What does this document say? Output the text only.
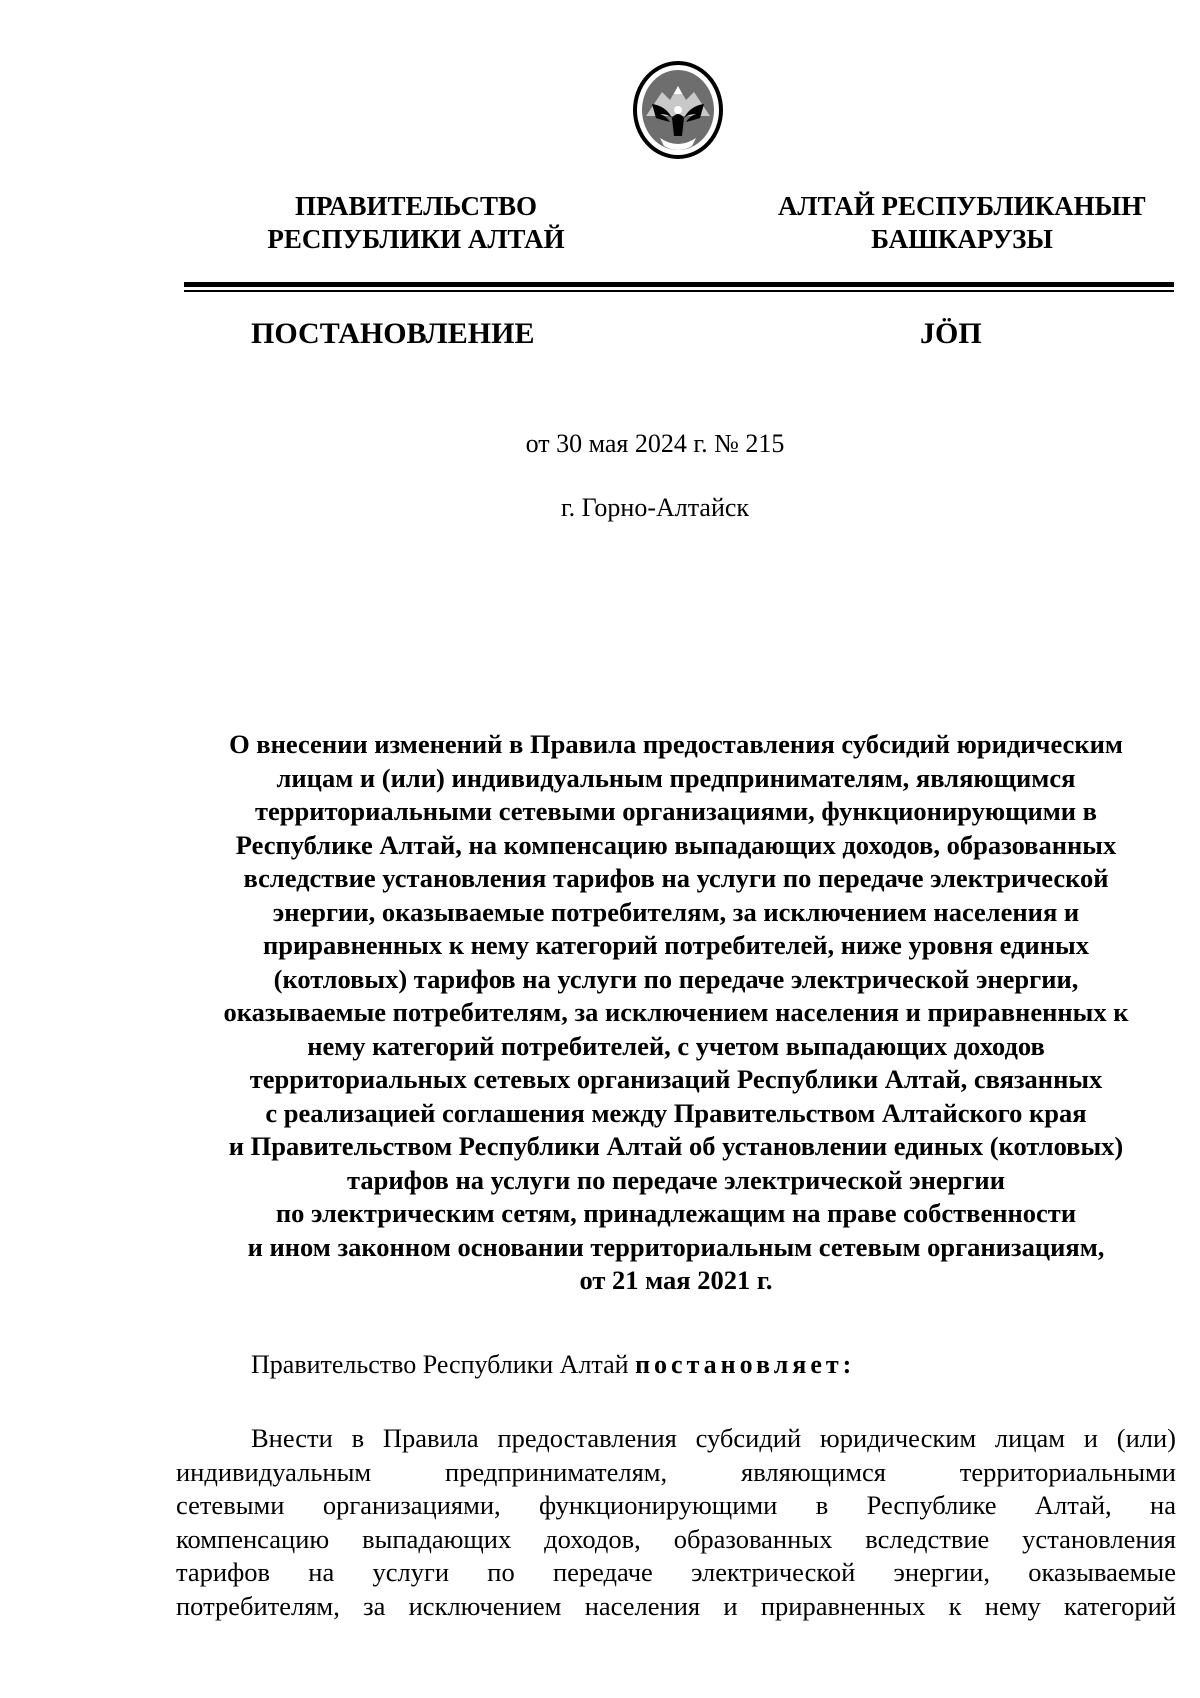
ПРАВИТЕЛЬСТВО
РЕСПУБЛИКИ АЛТАЙ
АЛТАЙ РЕСПУБЛИКАНЫҤ
БАШКАРУЗЫ
ПОСТАНОВЛЕНИЕ	JÖП
от 30 мая 2024 г. № 215
г. Горно-Алтайск
О внесении изменений в Правила предоставления субсидий юридическим
лицам и (или) индивидуальным предпринимателям, являющимся
территориальными сетевыми организациями, функционирующими в
Республике Алтай, на компенсацию выпадающих доходов, образованных
вследствие установления тарифов на услуги по передаче электрической
энергии, оказываемые потребителям, за исключением населения и
приравненных к нему категорий потребителей, ниже уровня единых
(котловых) тарифов на услуги по передаче электрической энергии,
оказываемые потребителям, за исключением населения и приравненных к
нему категорий потребителей, с учетом выпадающих доходов
территориальных сетевых организаций Республики Алтай, связанных
с реализацией соглашения между Правительством Алтайского края
и Правительством Республики Алтай об установлении единых (котловых)
тарифов на услуги по передаче электрической энергии
по электрическим сетям, принадлежащим на праве собственности
и ином законном основании территориальным сетевым организациям,
от 21 мая 2021 г.
Правительство Республики Алтай постановляет:
Внести в Правила предоставления субсидий юридическим лицам и (или)
индивидуальным предпринимателям, являющимся территориальными
сетевыми организациями, функционирующими в Республике Алтай, на
компенсацию выпадающих доходов, образованных вследствие установления
тарифов на услуги по передаче электрической энергии, оказываемые
потребителям, за исключением населения и приравненных к нему категорий
